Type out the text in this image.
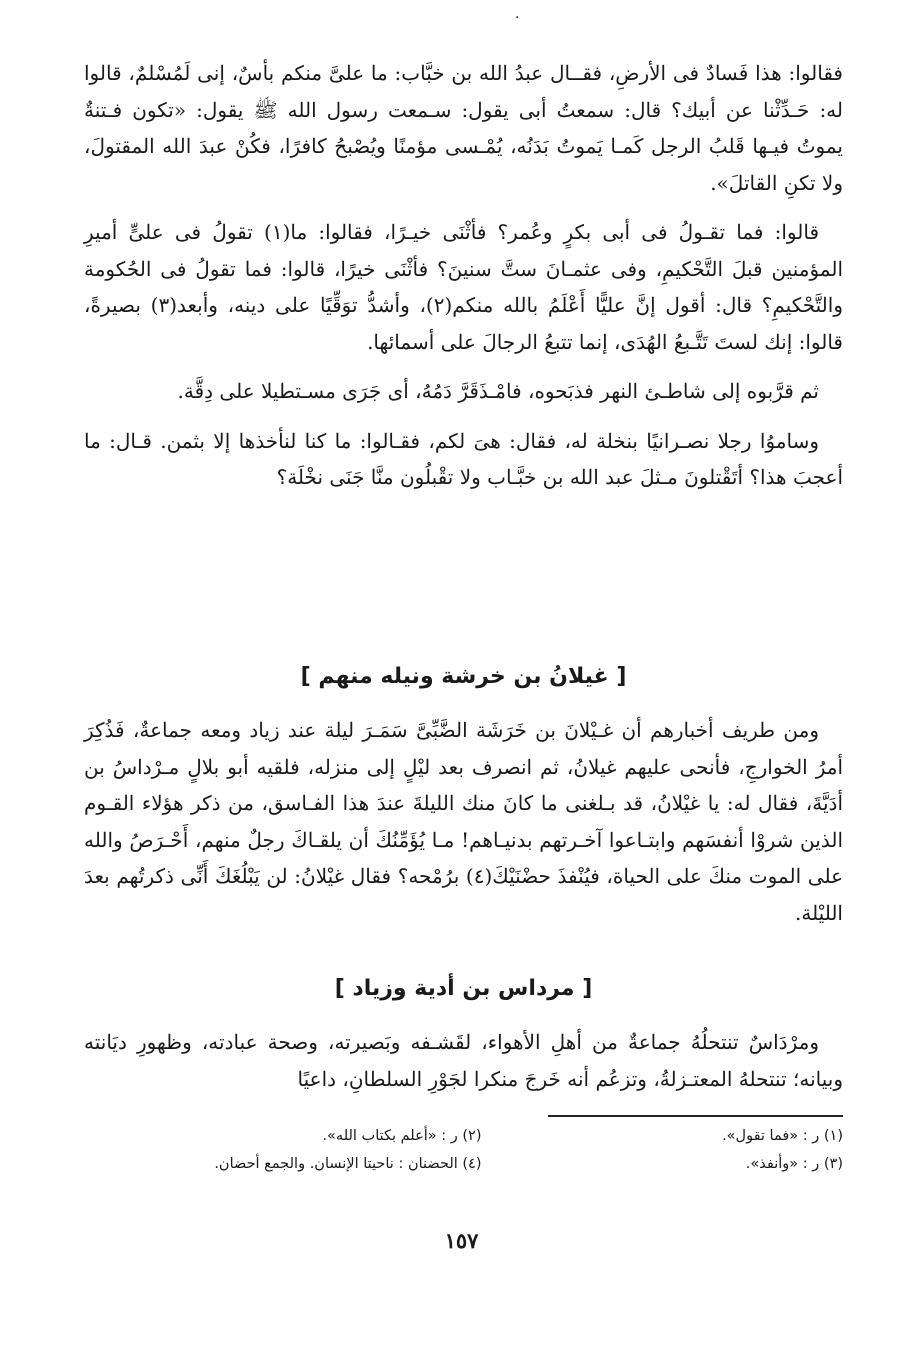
·

فقالوا: هذا فَسادٌ فى الأرضِ، فقــال عبدُ الله بن خبَّاب: ما علىَّ منكم بأسٌ، إنى لَمُسْلمٌ، قالوا له: حَـدِّثْنا عن أبيك؟ قال: سمعتُ أبى يقول: سـمعت رسول الله ﷺ يقول: «تكون فـتنةٌ يموتُ فيـها قَلبُ الرجل كَمـا يَموتُ بَدَنُه، يُمْـسى مؤمنًا ويُصْبحُ كافرًا، فكُنْ عبدَ الله المقتولَ، ولا تكنِ القاتلَ».

قالوا: فما تقـولُ فى أبى بكرٍ وعُمر؟ فأثْنَى خيـرًا، فقالوا: ما(١) تقولُ فى علىٍّ أميرِ المؤمنين قبلَ التَّحْكيمِ، وفى عثمـانَ ستَّ سنينَ؟ فأثْنَى خيرًا، قالوا: فما تقولُ فى الحُكومة والتَّحْكيمِ؟ قال: أقول إنَّ عليًّا أَعْلَمُ بالله منكم(٢)، وأشدُّ توَقِّيًا على دينه، وأبعد(٣) بصيرةً، قالوا: إنك لستَ تَتَّـبعُ الهُدَى، إنما تتبعُ الرجالَ على أسمائها.

ثم قرَّبوه إلى شاطـئ النهر فذبَحوه، فامْـذَقَرَّ دَمُهُ، أى جَرَى مسـتطيلا على دِقَّة.

وساموُا رجلا نصـرانيًا بنخلة له، فقال: هىَ لكم، فقـالوا: ما كنا لنأخذها إلا بثمن. قـال: ما أعجبَ هذا؟ أتَقْتلونَ مـثلَ عبد الله بن خبَّـاب ولا تقْبلُون منَّا جَنَى نخْلَة؟

[ غيلانُ بن خرشة ونيله منهم ]

ومن طريف أخبارهم أن غـيْلانَ بن خَرَشَة الضَّبِّىَّ سَمَـرَ ليلة عند زياد ومعه جماعةٌ، فَذُكِرَ أمرُ الخوارجِ، فأنحى عليهم غيلانُ، ثم انصرف بعد ليْلٍ إلى منزله، فلقيه أبو بلالٍ مـرْداسُ بن أدَيَّةَ، فقال له: يا غيْلانُ، قد بـلغنى ما كانَ منك الليلةَ عندَ هذا الفـاسق، من ذكر هؤلاء القـوم الذين شروْا أنفسَهم وابتـاعوا آخـرتهم بدنيـاهم! مـا يُؤَمِّنُكَ أن يلقـاكَ رجلٌ منهم، أَحْـرَصُ والله على الموت منكَ على الحياة، فيُنْفذَ حضْنَيْكَ(٤) برُمْحه؟ فقال غيْلانُ: لن يَبْلُغَكَ أَنِّى ذكرتُهم بعدَ الليْلة.

[ مرداس بن أدية وزياد ]

ومرْدَاسٌ تنتحلُهُ جماعةٌ من أهلِ الأهواء، لقَشـفه وبَصيرته، وصحة عبادته، وظهورِ ديَانته وبيانه؛ تنتحلهُ المعتـزلةُ، وتزعُم أنه خَرجَ منكرا لجَوْرِ السلطانِ، داعيًا

(١) ر : «فما تقول».
(٢) ر : «أعلم بكتاب الله».
(٣) ر : «وأنفذ».
(٤) الحضنان : ناحيتا الإنسان. والجمع أحضان.
١٥٧
